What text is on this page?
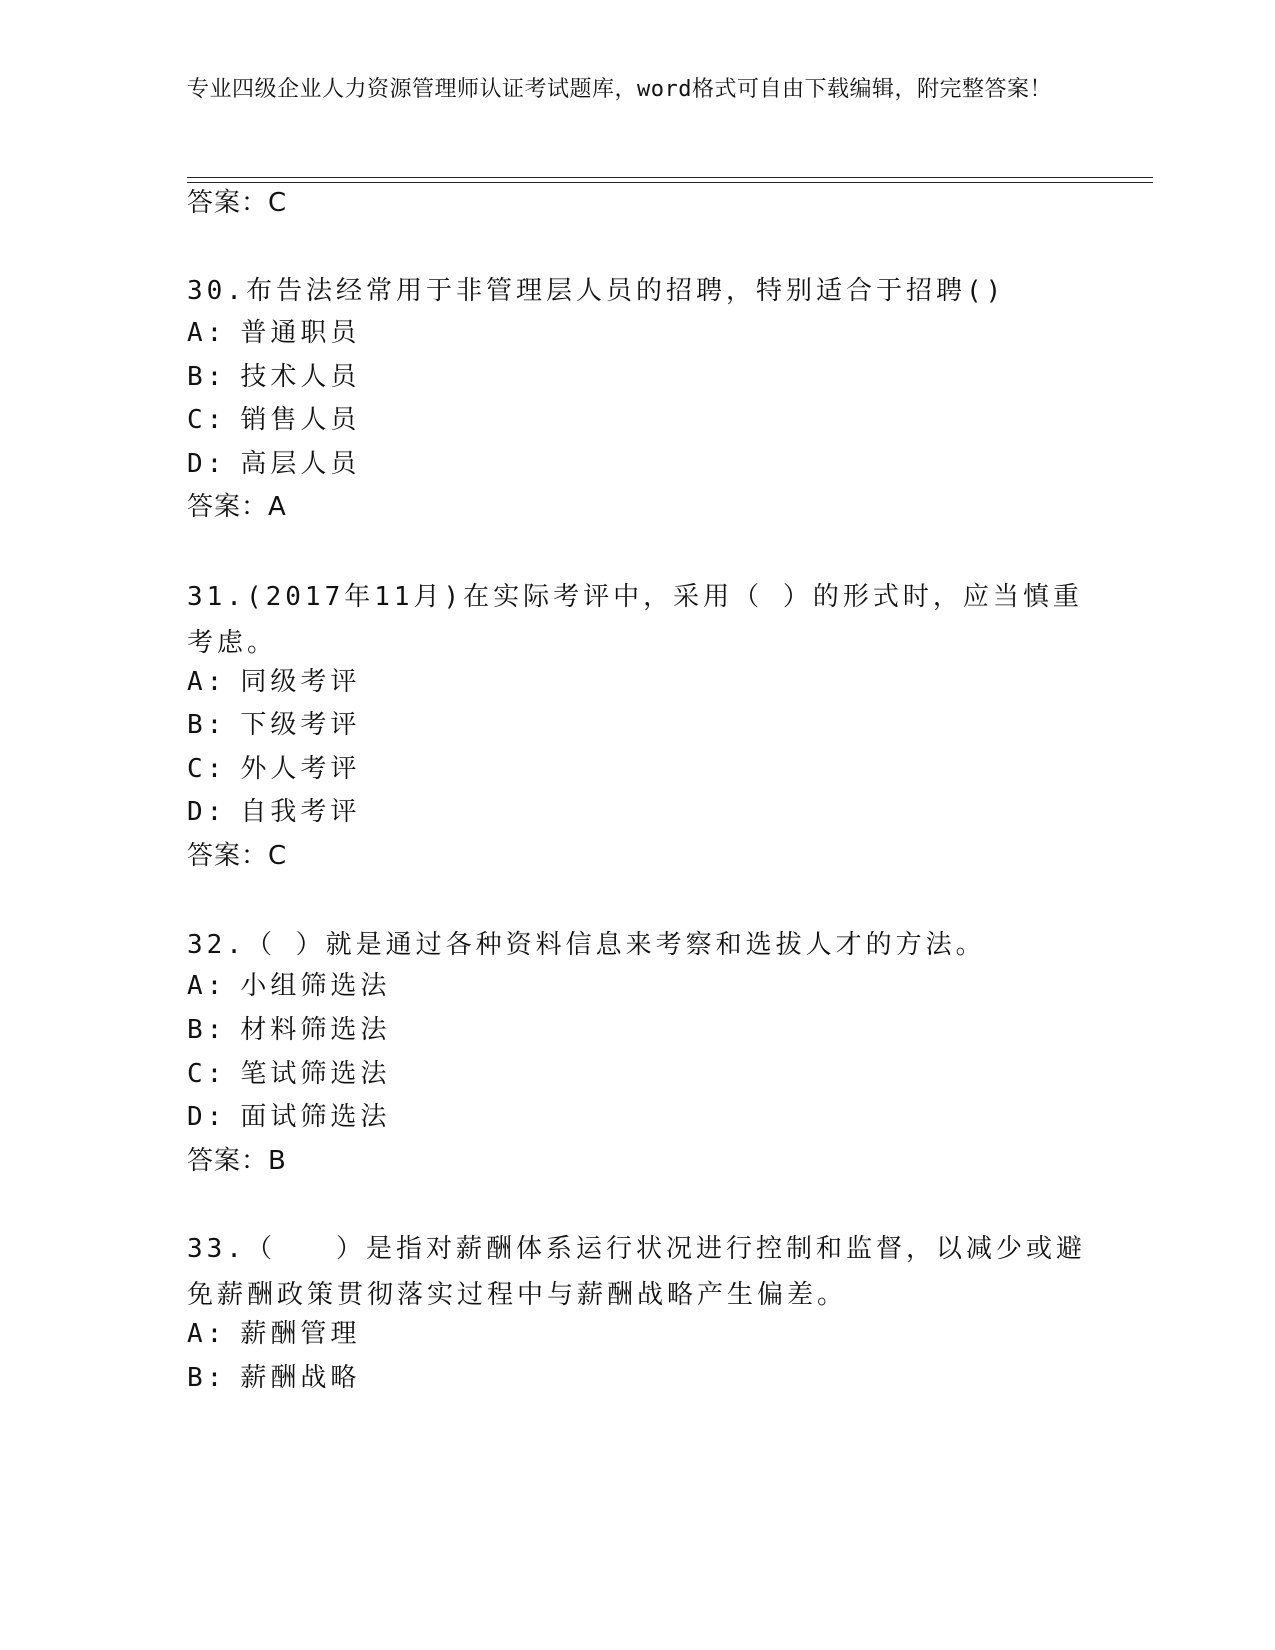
专业四级企业人力资源管理师认证考试题库，word格式可自由下载编辑，附完整答案！
答案：C
30.布告法经常用于非管理层人员的招聘，特别适合于招聘()
A: 普通职员
B: 技术人员
C: 销售人员
D: 高层人员
答案：A
31.(2017年11月)在实际考评中，采用（ ）的形式时，应当慎重考虑。
A: 同级考评
B: 下级考评
C: 外人考评
D: 自我考评
答案：C
32.（ ）就是通过各种资料信息来考察和选拔人才的方法。
A: 小组筛选法
B: 材料筛选法
C: 笔试筛选法
D: 面试筛选法
答案：B
33.（　　）是指对薪酬体系运行状况进行控制和监督，以减少或避免薪酬政策贯彻落实过程中与薪酬战略产生偏差。
A: 薪酬管理
B: 薪酬战略
